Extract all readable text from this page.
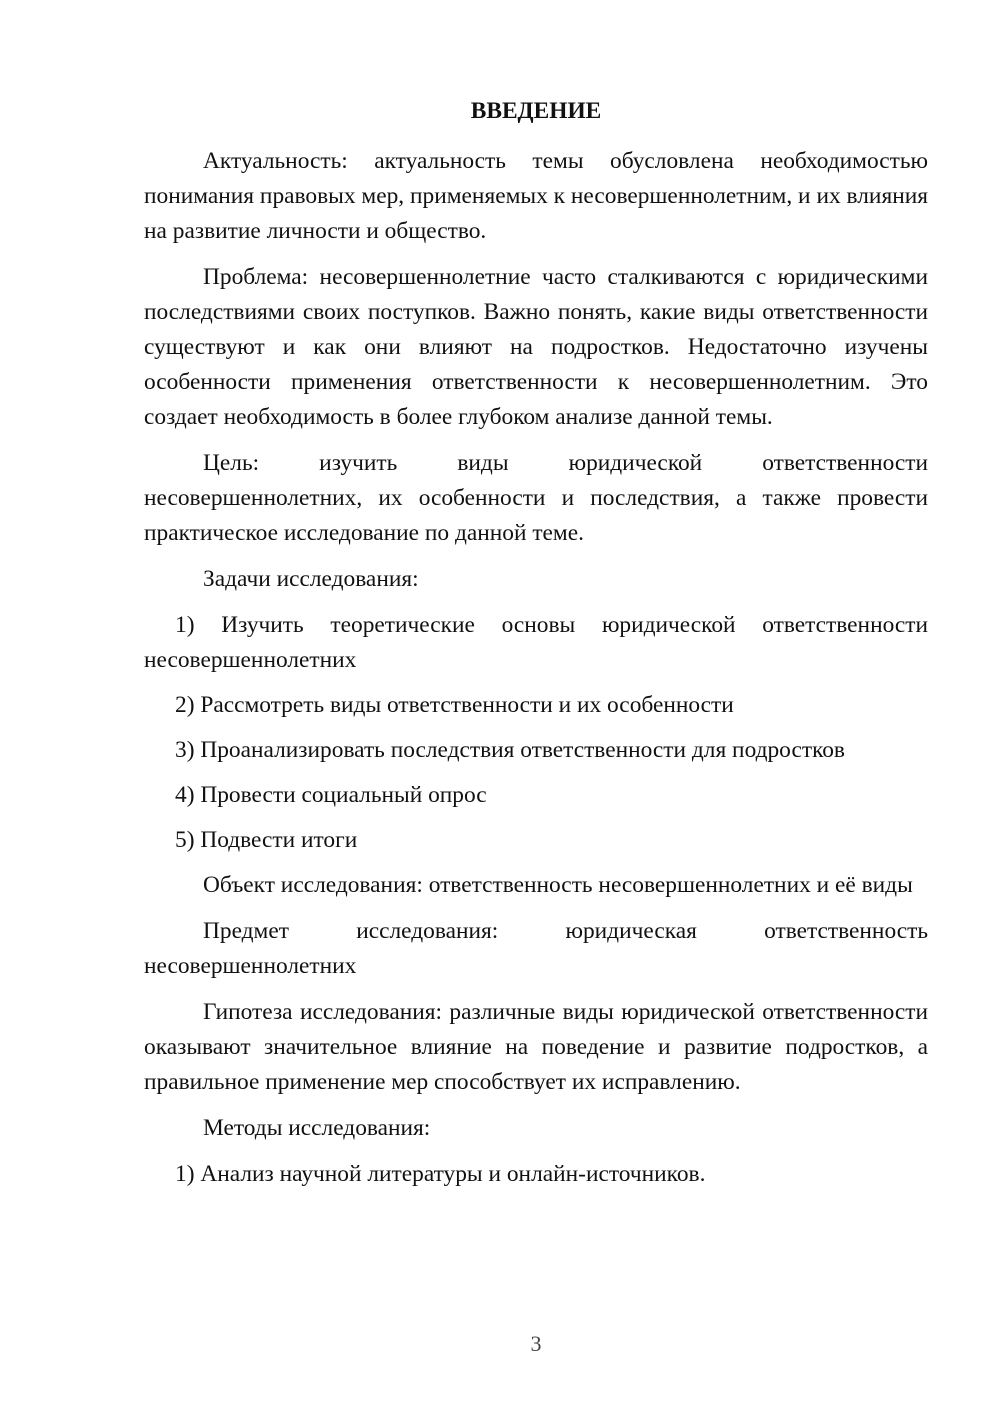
ВВЕДЕНИЕ

Актуальность: актуальность темы обусловлена необходимостью понимания правовых мер, применяемых к несовершеннолетним, и их влияния на развитие личности и общество.

Проблема: несовершеннолетние часто сталкиваются с юридическими последствиями своих поступков. Важно понять, какие виды ответственности существуют и как они влияют на подростков. Недостаточно изучены особенности применения ответственности к несовершеннолетним. Это создает необходимость в более глубоком анализе данной темы.

Цель: изучить виды юридической ответственности несовершеннолетних, их особенности и последствия, а также провести практическое исследование по данной теме.

Задачи исследования:

1) Изучить теоретические основы юридической ответственности несовершеннолетних

2) Рассмотреть виды ответственности и их особенности

3) Проанализировать последствия ответственности для подростков

4) Провести социальный опрос

5) Подвести итоги

Объект исследования: ответственность несовершеннолетних и её виды

Предмет исследования: юридическая ответственность несовершеннолетних

Гипотеза исследования: различные виды юридической ответственности оказывают значительное влияние на поведение и развитие подростков, а правильное применение мер способствует их исправлению.

Методы исследования:

1) Анализ научной литературы и онлайн-источников.

3
